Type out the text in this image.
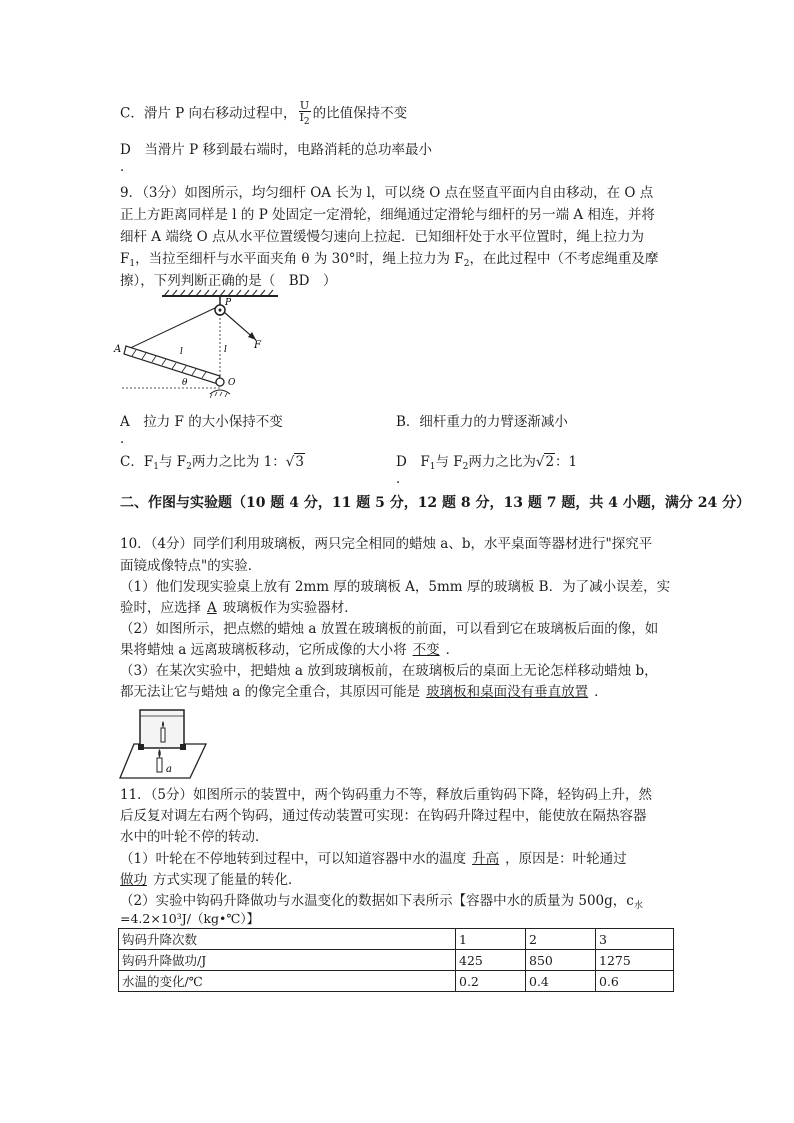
C．滑片 P 向右移动过程中， $\frac{U}{I_2}$ 的比值保持不变
D　当滑片 P 移到最右端时，电路消耗的总功率最小
．
9．（3分）如图所示，均匀细杆 OA 长为 l，可以绕 O 点在竖直平面内自由移动，在 O 点
正上方距离同样是 l 的 P 处固定一定滑轮，细绳通过定滑轮与细杆的另一端 A 相连，并将
细杆 A 端绕 O 点从水平位置缓慢匀速向上拉起．已知细杆处于水平位置时，绳上拉力为
$F_1$，当拉至细杆与水平面夹角 θ 为 30°时，绳上拉力为 $F_2$，在此过程中（不考虑绳重及摩
擦），下列判断正确的是（　BD　）
P
F
A	l	l
θ	O
A　拉力 F 的大小保持不变	B．细杆重力的力臂逐渐减小
．
C．$F_1$与 $F_2$两力之比为 1：√3	D　$F_1$与 $F_2$两力之比为√2：1
．
二、作图与实验题（10 题 4 分，11 题 5 分，12 题 8 分，13 题 7 题，共 4 小题，满分 24 分）
10．（4分）同学们利用玻璃板，两只完全相同的蜡烛 a、b，水平桌面等器材进行"探究平
面镜成像特点"的实验．
（1）他们发现实验桌上放有 2mm 厚的玻璃板 A，5mm 厚的玻璃板 B．为了减小误差，实
验时，应选择 A 玻璃板作为实验器材．
（2）如图所示，把点燃的蜡烛 a 放置在玻璃板的前面，可以看到它在玻璃板后面的像，如
果将蜡烛 a 远离玻璃板移动，它所成像的大小将 不变 ．
（3）在某次实验中，把蜡烛 a 放到玻璃板前，在玻璃板后的桌面上无论怎样移动蜡烛 b，
都无法让它与蜡烛 a 的像完全重合，其原因可能是 玻璃板和桌面没有垂直放置 ．
a
11．（5分）如图所示的装置中，两个钩码重力不等，释放后重钩码下降，轻钩码上升，然
后反复对调左右两个钩码，通过传动装置可实现：在钩码升降过程中，能使放在隔热容器
水中的叶轮不停的转动．
（1）叶轮在不停地转到过程中，可以知道容器中水的温度 升高 ，原因是：叶轮通过
做功 方式实现了能量的转化．
（2）实验中钩码升降做功与水温变化的数据如下表所示【容器中水的质量为 500g，$c_水$
=4.2×10³J/（kg•℃）】
钩码升降次数	1	2	3
钩码升降做功/J	425	850	1275
水温的变化/℃	0.2	0.4	0.6
